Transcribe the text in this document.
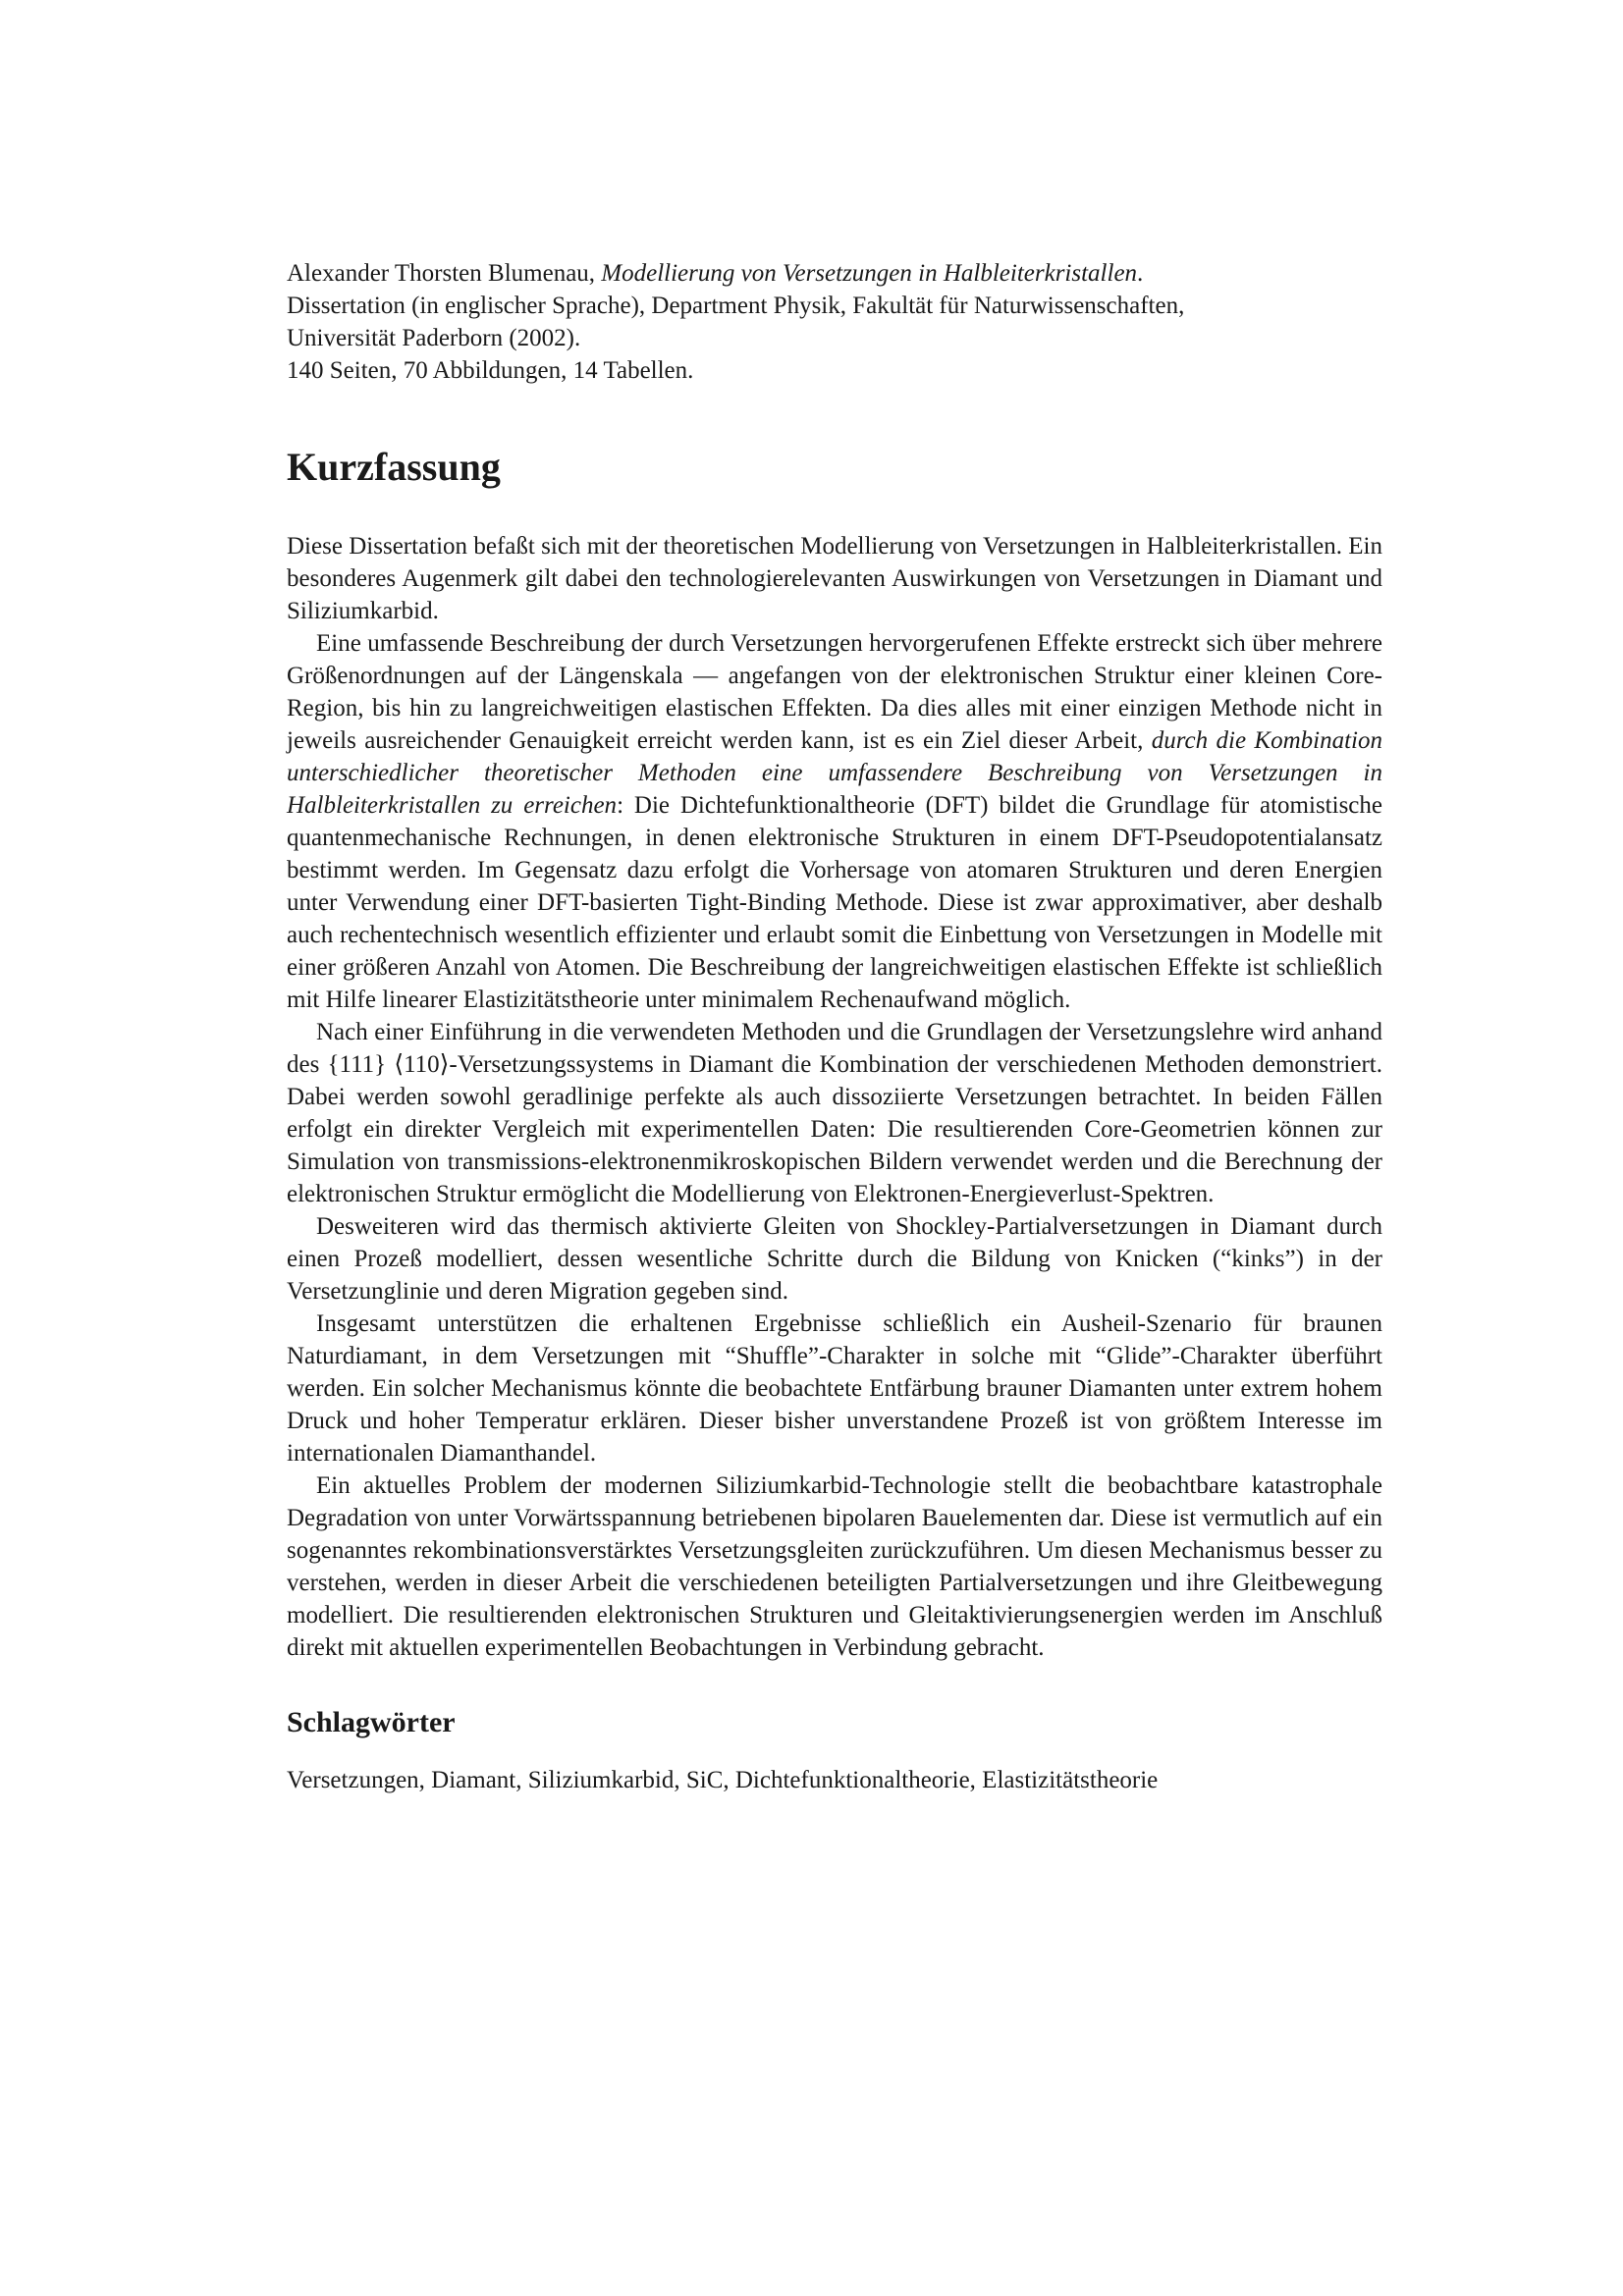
Alexander Thorsten Blumenau, Modellierung von Versetzungen in Halbleiterkristallen.

Dissertation (in englischer Sprache), Department Physik, Fakultät für Naturwissenschaften,

Universität Paderborn (2002).

140 Seiten, 70 Abbildungen, 14 Tabellen.

Kurzfassung

Diese Dissertation befaßt sich mit der theoretischen Modellierung von Versetzungen in Halbleiterkristallen. Ein besonderes Augenmerk gilt dabei den technologierelevanten Auswirkungen von Versetzungen in Diamant und Siliziumkarbid.

Eine umfassende Beschreibung der durch Versetzungen hervorgerufenen Effekte erstreckt sich über mehrere Größenordnungen auf der Längenskala — angefangen von der elektronischen Struktur einer kleinen Core-Region, bis hin zu langreichweitigen elastischen Effekten. Da dies alles mit einer einzigen Methode nicht in jeweils ausreichender Genauigkeit erreicht werden kann, ist es ein Ziel dieser Arbeit, durch die Kombination unterschiedlicher theoretischer Methoden eine umfassendere Beschreibung von Versetzungen in Halbleiterkristallen zu erreichen: Die Dichtefunktionaltheorie (DFT) bildet die Grundlage für atomistische quantenmechanische Rechnungen, in denen elektronische Strukturen in einem DFT-Pseudopotentialansatz bestimmt werden. Im Gegensatz dazu erfolgt die Vorhersage von atomaren Strukturen und deren Energien unter Verwendung einer DFT-basierten Tight-Binding Methode. Diese ist zwar approximativer, aber deshalb auch rechentechnisch wesentlich effizienter und erlaubt somit die Einbettung von Versetzungen in Modelle mit einer größeren Anzahl von Atomen. Die Beschreibung der langreichweitigen elastischen Effekte ist schließlich mit Hilfe linearer Elastizitätstheorie unter minimalem Rechenaufwand möglich.

Nach einer Einführung in die verwendeten Methoden und die Grundlagen der Versetzungslehre wird anhand des {111} ⟨110⟩-Versetzungssystems in Diamant die Kombination der verschiedenen Methoden demonstriert. Dabei werden sowohl geradlinige perfekte als auch dissoziierte Versetzungen betrachtet. In beiden Fällen erfolgt ein direkter Vergleich mit experimentellen Daten: Die resultierenden Core-Geometrien können zur Simulation von transmissions-elektronenmikroskopischen Bildern verwendet werden und die Berechnung der elektronischen Struktur ermöglicht die Modellierung von Elektronen-Energieverlust-Spektren.

Desweiteren wird das thermisch aktivierte Gleiten von Shockley-Partialversetzungen in Diamant durch einen Prozeß modelliert, dessen wesentliche Schritte durch die Bildung von Knicken (“kinks”) in der Versetzunglinie und deren Migration gegeben sind.

Insgesamt unterstützen die erhaltenen Ergebnisse schließlich ein Ausheil-Szenario für braunen Naturdiamant, in dem Versetzungen mit “Shuffle”-Charakter in solche mit “Glide”-Charakter überführt werden. Ein solcher Mechanismus könnte die beobachtete Entfärbung brauner Diamanten unter extrem hohem Druck und hoher Temperatur erklären. Dieser bisher unverstandene Prozeß ist von größtem Interesse im internationalen Diamanthandel.

Ein aktuelles Problem der modernen Siliziumkarbid-Technologie stellt die beobachtbare katastrophale Degradation von unter Vorwärtsspannung betriebenen bipolaren Bauelementen dar. Diese ist vermutlich auf ein sogenanntes rekombinationsverstärktes Versetzungsgleiten zurückzuführen. Um diesen Mechanismus besser zu verstehen, werden in dieser Arbeit die verschiedenen beteiligten Partialversetzungen und ihre Gleitbewegung modelliert. Die resultierenden elektronischen Strukturen und Gleitaktivierungsenergien werden im Anschluß direkt mit aktuellen experimentellen Beobachtungen in Verbindung gebracht.

Schlagwörter
Versetzungen, Diamant, Siliziumkarbid, SiC, Dichtefunktionaltheorie, Elastizitätstheorie
